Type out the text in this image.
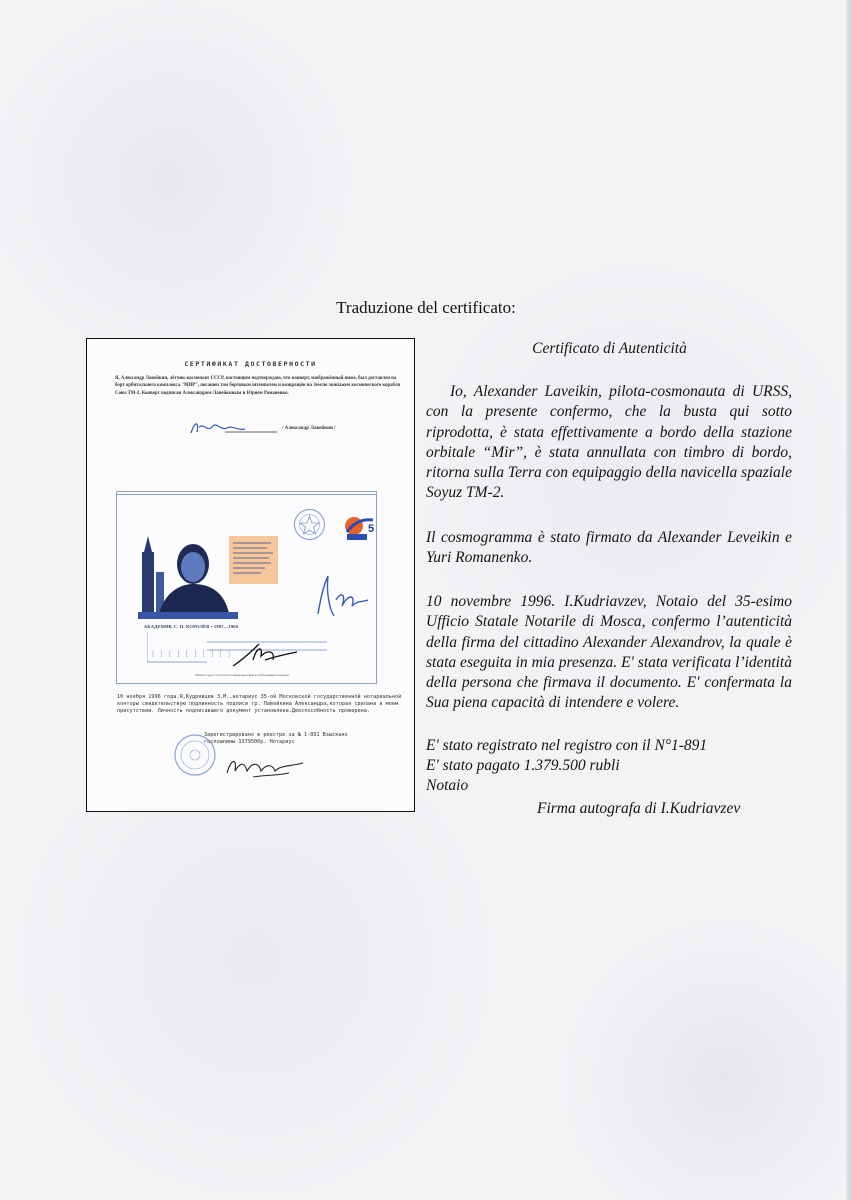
Traduzione del certificato:
СЕРТИФИКАТ ДОСТОВЕРНОСТИ
Я, Александр Лавейкин, лётчик-космонавт СССР, настоящим подтверждаю, что конверт, изображённый ниже, был доставлен на борт орбитального комплекса "МИР", погашен там бортовым штемпелем и возвращён на Землю экипажем космического корабля Союз ТМ-2. Конверт подписан Александром Лавейкиным и Юрием Романенко.
/ Александр Лавейкин /
5
[ ] [ ] [ ] [ ] [ ]
АКАДЕМИК С. П. КОРОЛЁВ • 1907—1966
Пишите адрес получателя самым коротким и разборчивым почерком
10 ноября 1996 года.Я,Кудрявцев З.М.,нотариус 35-ой Московской государственной нотариальной конторы свидетельствую подлинность подписи гр. Лавейкина Александра,которая сделана в моем присутствии. Личность подписавшего документ установлена.Дееспособность проверена.
Зарегистрировано в реестре за № 1-891 Взыскано госпошлины 1379500р. Нотариус
Certificato di Autenticità
Io, Alexander Laveikin, pilota-cosmonauta di URSS, con la presente confermo, che la busta qui sotto riprodotta, è stata effettivamente a bordo della stazione orbitale “Mir”, è stata annullata con timbro di bordo, ritorna sulla Terra con equipaggio della navicella spaziale Soyuz TM-2.
Il cosmogramma è stato firmato da Alexander Leveikin e Yuri Romanenko.
10 novembre 1996. I.Kudriavzev, Notaio del 35-esimo Ufficio Statale Notarile di Mosca, confermo l’autenticità della firma del cittadino Alexander Alexandrov, la quale è stata eseguita in mia presenza. E' stata verificata l’identità della persona che firmava il documento. E' confermata la Sua piena capacità di intendere e volere.
E' stato registrato nel registro con il N°1-891
E' stato pagato 1.379.500 rubli
Notaio
Firma autografa di I.Kudriavzev
